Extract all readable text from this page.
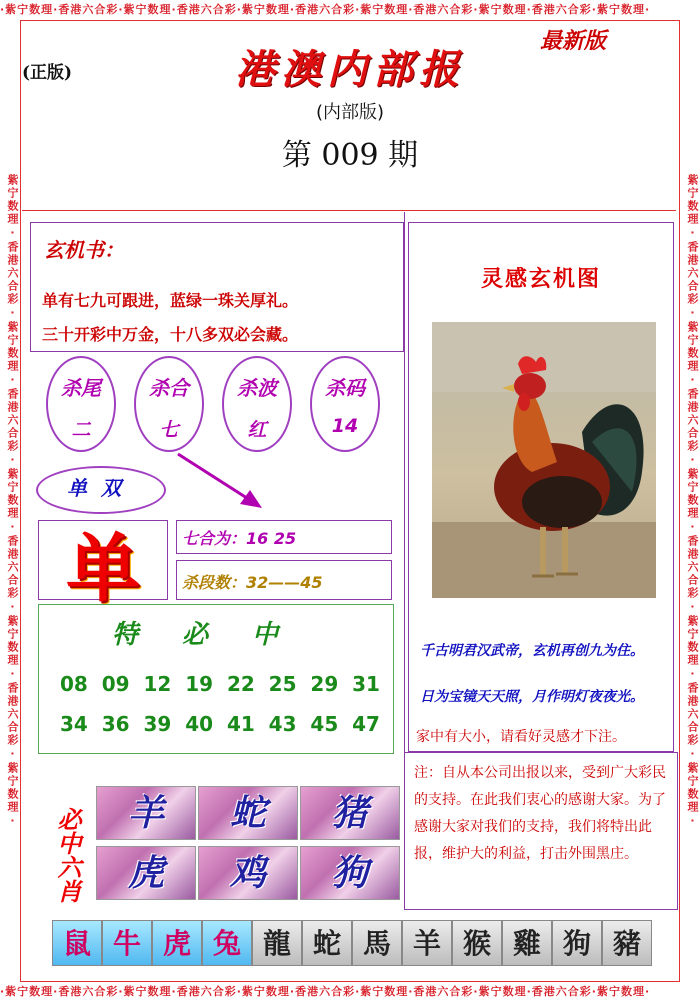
·紫宁数理·香港六合彩·紫宁数理·香港六合彩·紫宁数理·香港六合彩·紫宁数理·香港六合彩·紫宁数理·香港六合彩·紫宁数理·
·紫宁数理·香港六合彩·紫宁数理·香港六合彩·紫宁数理·香港六合彩·紫宁数理·香港六合彩·紫宁数理·香港六合彩·紫宁数理·
紫宁数理·香港六合彩·紫宁数理·香港六合彩·紫宁数理·香港六合彩·紫宁数理·香港六合彩·紫宁数理·	紫宁数理·香港六合彩·紫宁数理·香港六合彩·紫宁数理·香港六合彩·紫宁数理·香港六合彩·紫宁数理·
(正版)
最新版
港澳内部报
(内部版)
第 009 期
玄机书：
单有七九可跟进，蓝绿一珠关厚礼。
三十开彩中万金，十八多双必会藏。
杀尾
二
杀合
七
杀波
红
杀码
14
单双
单	七合为：16 25
杀段数：32——45
特必中
08 09 12 19 22 25 29 31
34 36 39 40 41 43 45 47
必中六肖	羊	蛇	猪
虎	鸡	狗
灵感玄机图
千古明君汉武帝，玄机再创九为住。
日为宝镜天天照，月作明灯夜夜光。
家中有大小，请看好灵感才下注。
注：自从本公司出报以来，受到广大彩民的支持。在此我们衷心的感谢大家。为了感谢大家对我们的支持，我们将特出此报，维护大的利益，打击外围黑庄。
鼠 牛 虎 兔 龍 蛇 馬 羊 猴 雞 狗 豬
